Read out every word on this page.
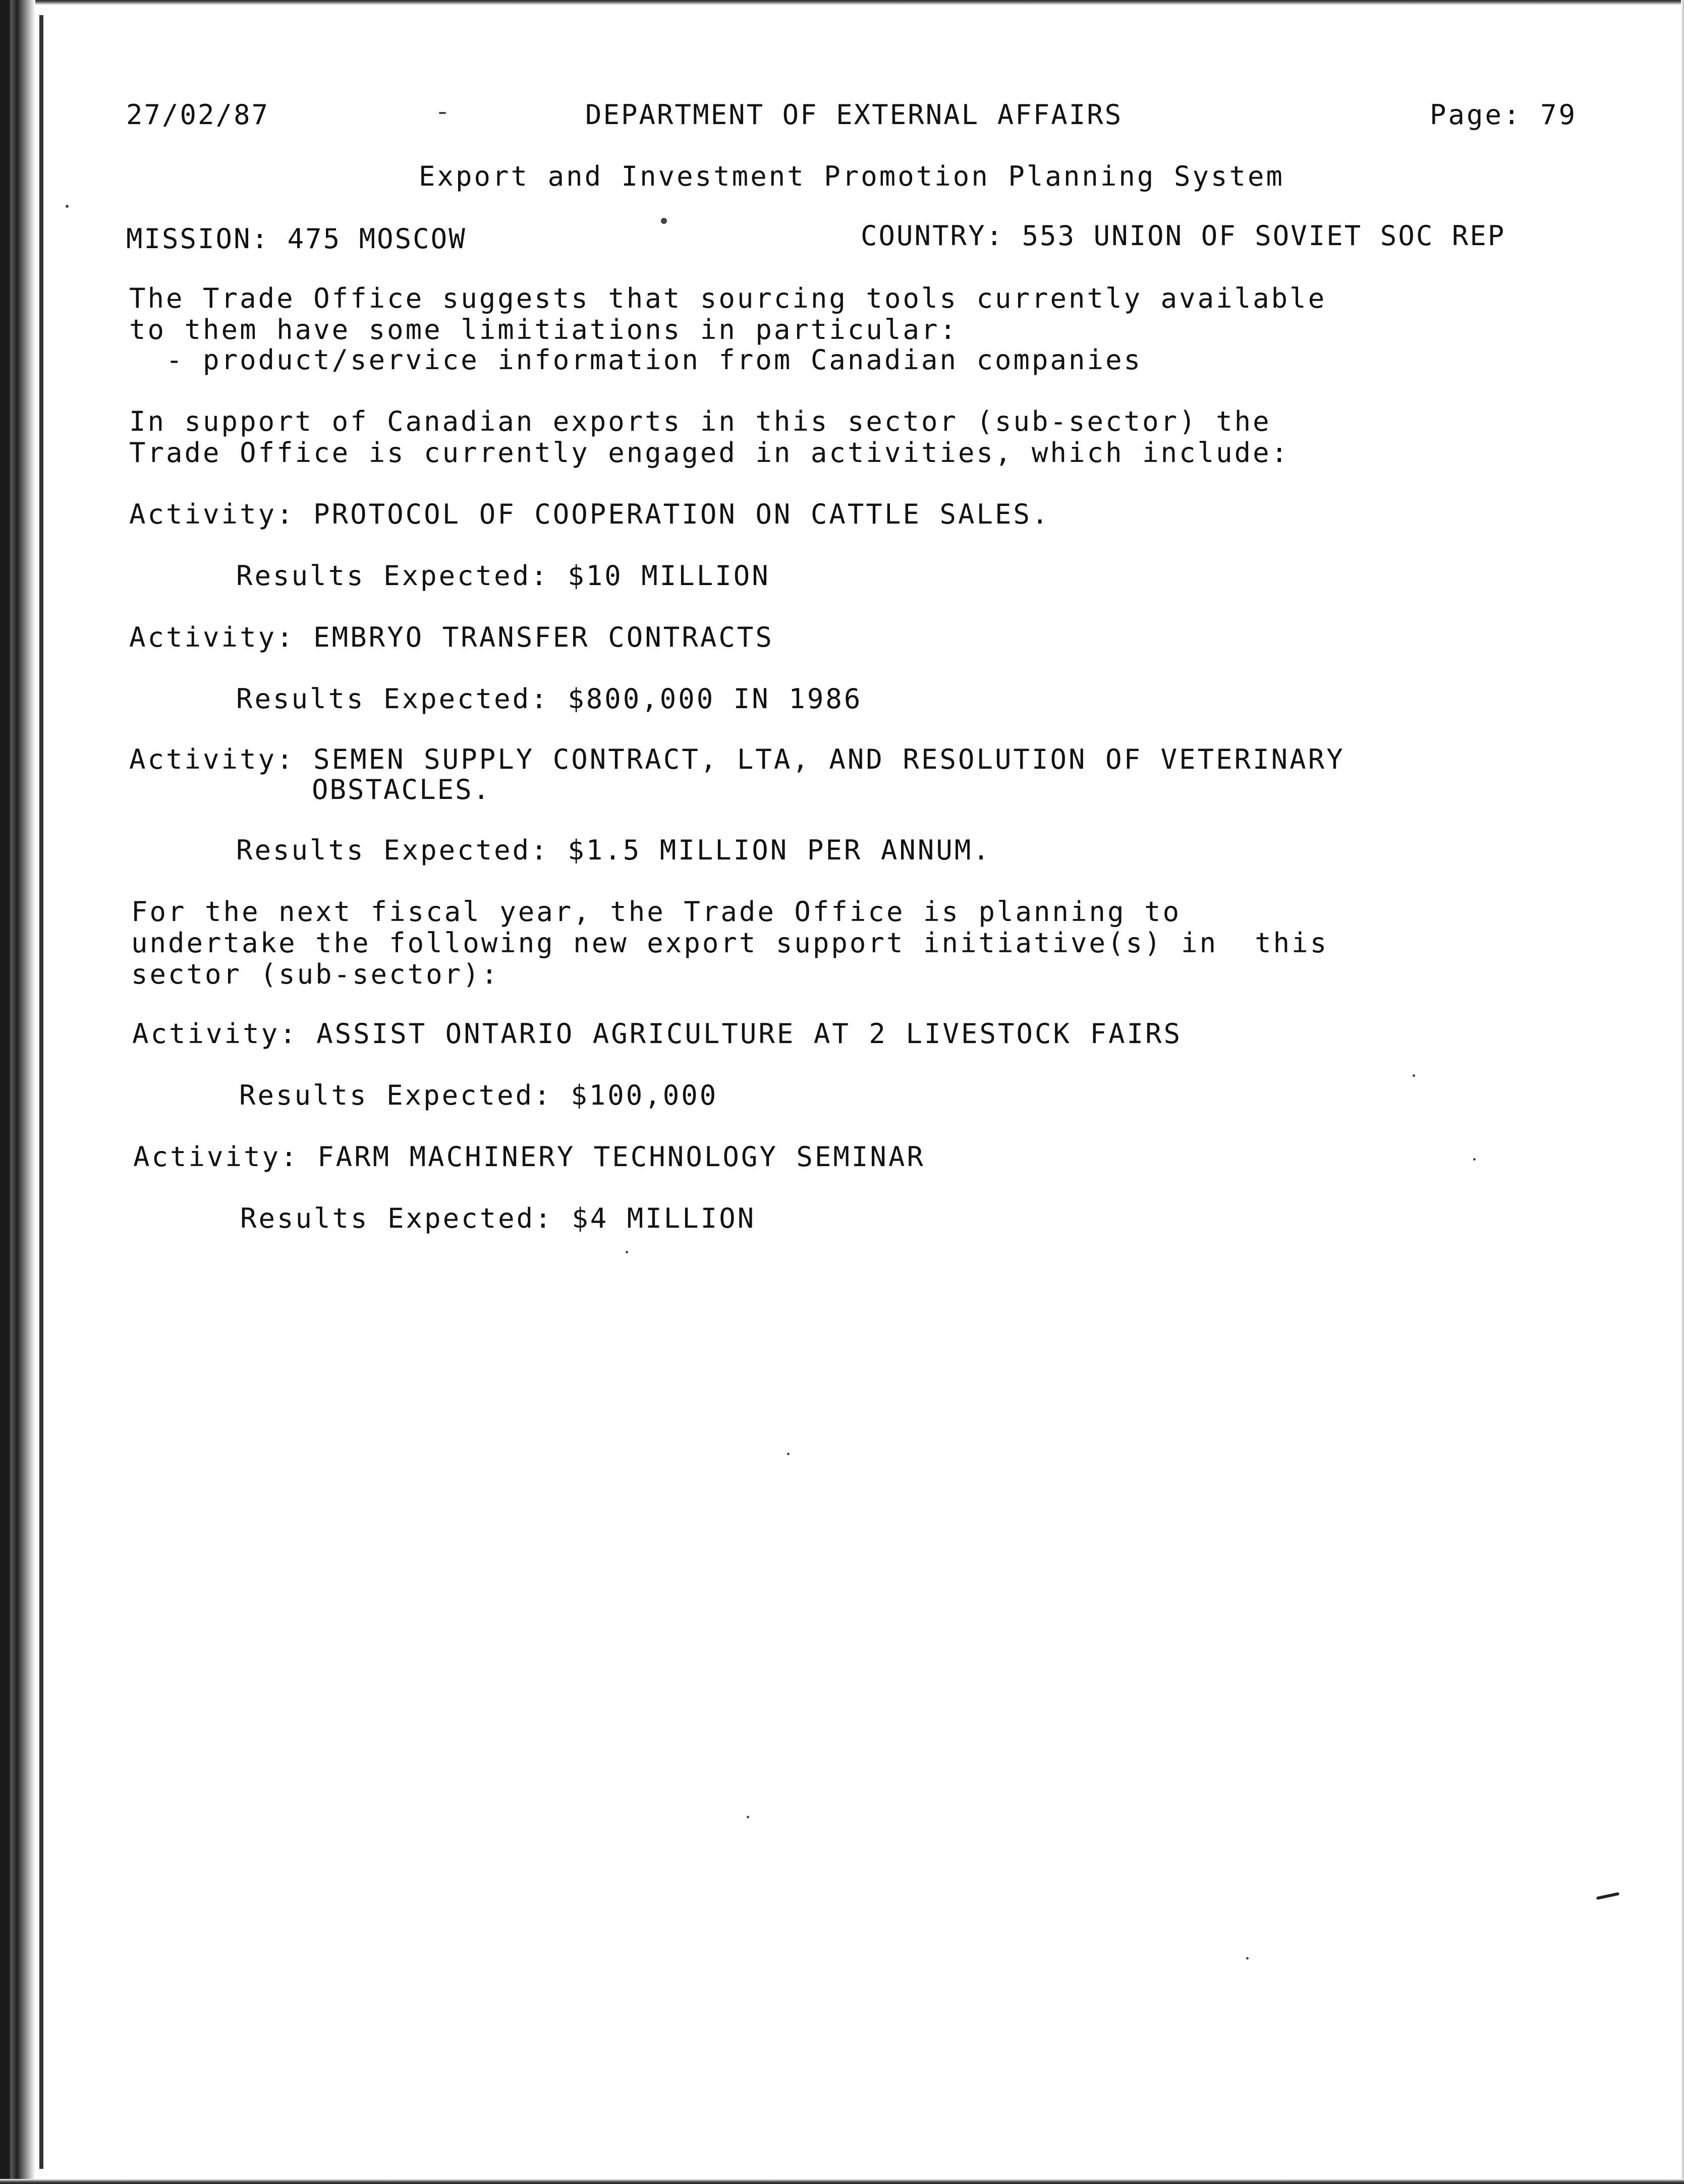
27/02/87	DEPARTMENT OF EXTERNAL AFFAIRS	Page: 79
Export and Investment Promotion Planning System
MISSION: 475 MOSCOW	COUNTRY: 553 UNION OF SOVIET SOC REP
The Trade Office suggests that sourcing tools currently available
to them have some limitiations in particular:
- product/service information from Canadian companies
In support of Canadian exports in this sector (sub-sector) the
Trade Office is currently engaged in activities, which include:
Activity: PROTOCOL OF COOPERATION ON CATTLE SALES.
Results Expected: $10 MILLION
Activity: EMBRYO TRANSFER CONTRACTS
Results Expected: $800,000 IN 1986
Activity: SEMEN SUPPLY CONTRACT, LTA, AND RESOLUTION OF VETERINARY
OBSTACLES.
Results Expected: $1.5 MILLION PER ANNUM.
For the next fiscal year, the Trade Office is planning to
undertake the following new export support initiative(s) in  this
sector (sub-sector):
Activity: ASSIST ONTARIO AGRICULTURE AT 2 LIVESTOCK FAIRS
Results Expected: $100,000
Activity: FARM MACHINERY TECHNOLOGY SEMINAR
Results Expected: $4 MILLION
